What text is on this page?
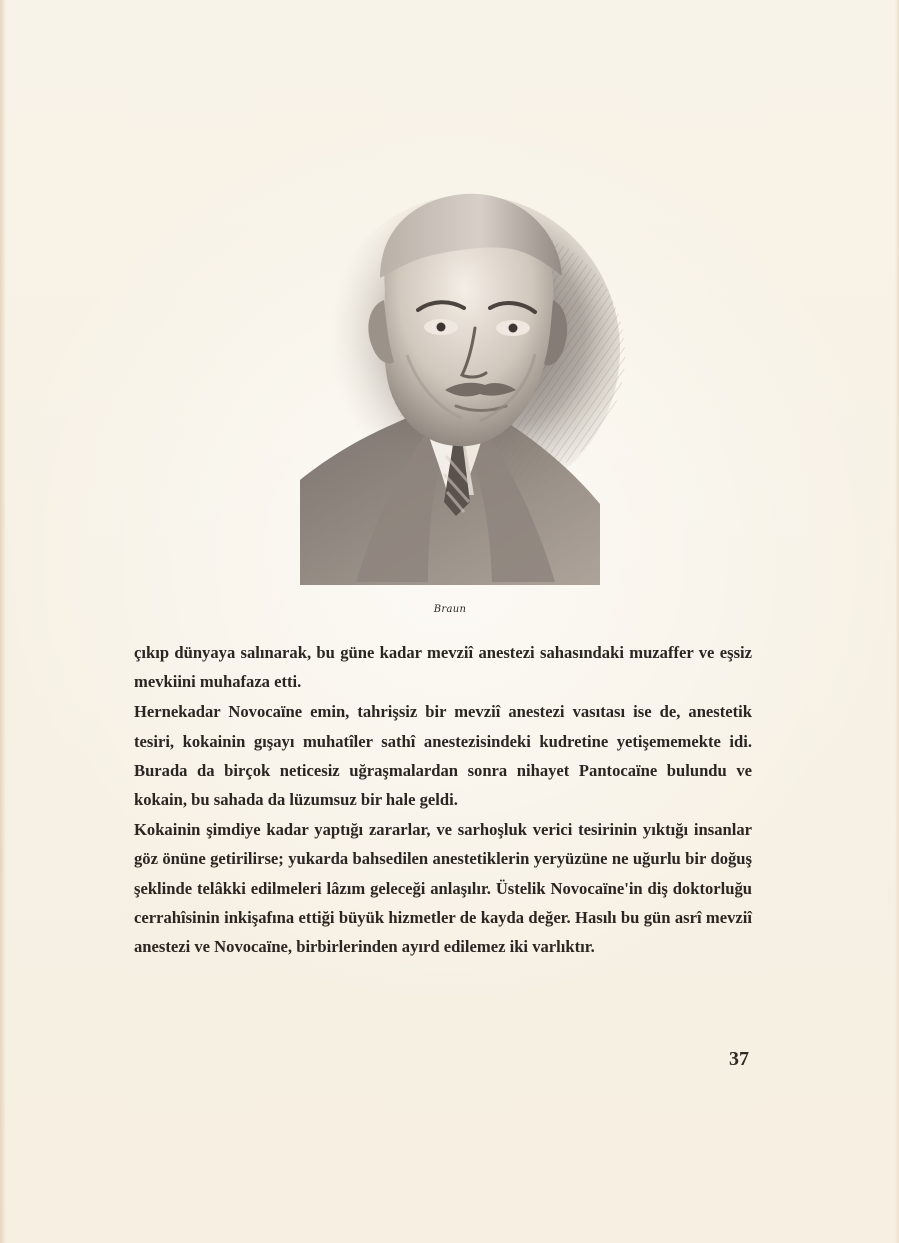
Braun

çıkıp dünyaya salınarak, bu güne kadar mevziî anestezi sahasındaki muzaffer ve eşsiz mevkiini muhafaza etti.

Hernekadar Novocaïne emin, tahrişsiz bir mevziî anestezi vasıtası ise de, anestetik tesiri, kokainin gışayı muhatîler sathî anestezisindeki kudretine yetişememekte idi. Burada da birçok neticesiz uğraşmalardan sonra nihayet Pantocaïne bulundu ve kokain, bu sahada da lüzumsuz bir hale geldi.

Kokainin şimdiye kadar yaptığı zararlar, ve sarhoşluk verici tesirinin yıktığı insanlar göz önüne getirilirse; yukarda bahsedilen anestetiklerin yeryüzüne ne uğurlu bir doğuş şeklinde telâkki edilmeleri lâzım geleceği anlaşılır. Üstelik Novocaïne'in diş doktorluğu cerrahîsinin inkişafına ettiği büyük hizmetler de kayda değer. Hasılı bu gün asrî mevziî anestezi ve Novocaïne, birbirlerinden ayırd edilemez iki varlıktır.

37
